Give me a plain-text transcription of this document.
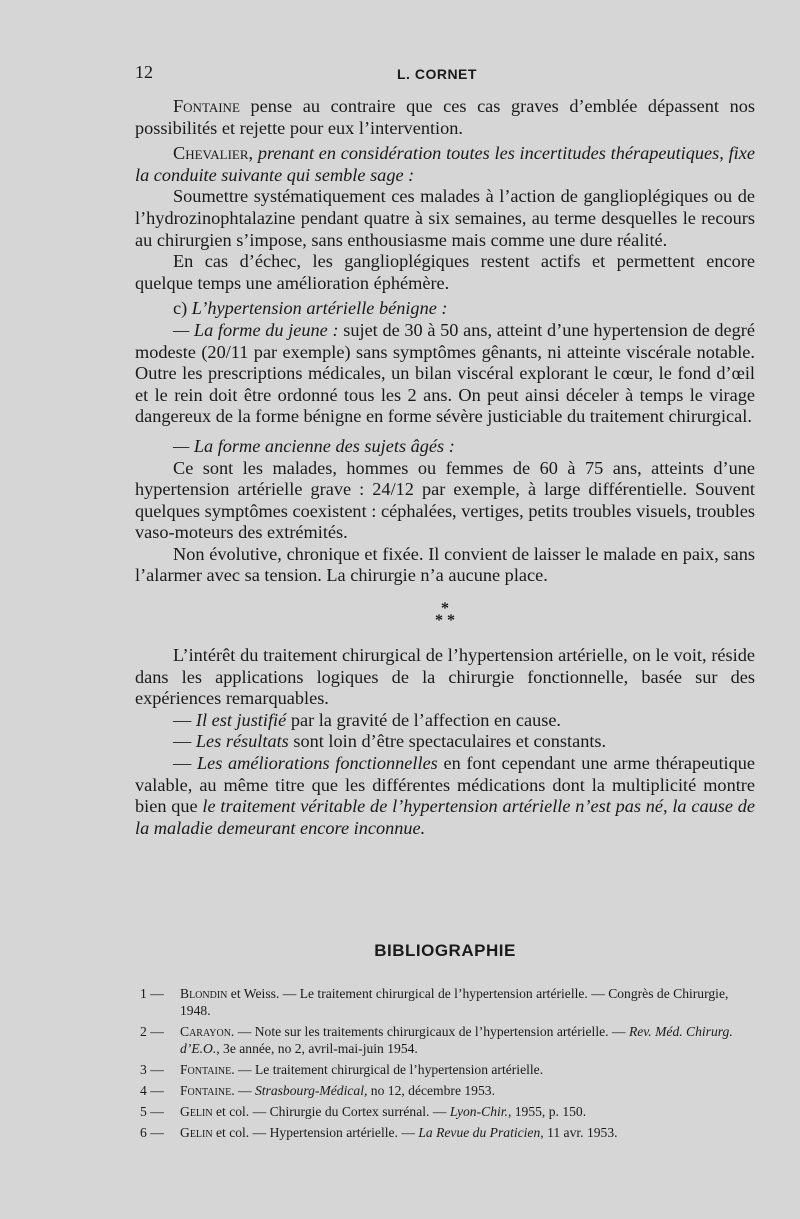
12	L. CORNET

Fontaine pense au contraire que ces cas graves d’emblée dépassent nos possibilités et rejette pour eux l’intervention.

Chevalier, prenant en considération toutes les incertitudes thérapeutiques, fixe la conduite suivante qui semble sage :

Soumettre systématiquement ces malades à l’action de ganglioplégiques ou de l’hydrozinophtalazine pendant quatre à six semaines, au terme desquelles le recours au chirurgien s’impose, sans enthousiasme mais comme une dure réalité.

En cas d’échec, les ganglioplégiques restent actifs et permettent encore quelque temps une amélioration éphémère.

c) L’hypertension artérielle bénigne :

— La forme du jeune : sujet de 30 à 50 ans, atteint d’une hypertension de degré modeste (20/11 par exemple) sans symptômes gênants, ni atteinte viscérale notable. Outre les prescriptions médicales, un bilan viscéral explorant le cœur, le fond d’œil et le rein doit être ordonné tous les 2 ans. On peut ainsi déceler à temps le virage dangereux de la forme bénigne en forme sévère justiciable du traitement chirurgical.

— La forme ancienne des sujets âgés :

Ce sont les malades, hommes ou femmes de 60 à 75 ans, atteints d’une hypertension artérielle grave : 24/12 par exemple, à large différentielle. Souvent quelques symptômes coexistent : céphalées, vertiges, petits troubles visuels, troubles vaso-moteurs des extrémités.

Non évolutive, chronique et fixée. Il convient de laisser le malade en paix, sans l’alarmer avec sa tension. La chirurgie n’a aucune place.

*
* *

L’intérêt du traitement chirurgical de l’hypertension artérielle, on le voit, réside dans les applications logiques de la chirurgie fonctionnelle, basée sur des expériences remarquables.

— Il est justifié par la gravité de l’affection en cause.

— Les résultats sont loin d’être spectaculaires et constants.

— Les améliorations fonctionnelles en font cependant une arme thérapeutique valable, au même titre que les différentes médications dont la multiplicité montre bien que le traitement véritable de l’hypertension artérielle n’est pas né, la cause de la maladie demeurant encore inconnue.

BIBLIOGRAPHIE
1 —	Blondin et Weiss. — Le traitement chirurgical de l’hypertension artérielle. — Congrès de Chirurgie, 1948.
2 —	Carayon. — Note sur les traitements chirurgicaux de l’hypertension artérielle. — Rev. Méd. Chirurg. d’E.O., 3e année, no 2, avril-mai-juin 1954.
3 —	Fontaine. — Le traitement chirurgical de l’hypertension artérielle.
4 —	Fontaine. — Strasbourg-Médical, no 12, décembre 1953.
5 —	Gelin et col. — Chirurgie du Cortex surrénal. — Lyon-Chir., 1955, p. 150.
6 —	Gelin et col. — Hypertension artérielle. — La Revue du Praticien, 11 avr. 1953.
